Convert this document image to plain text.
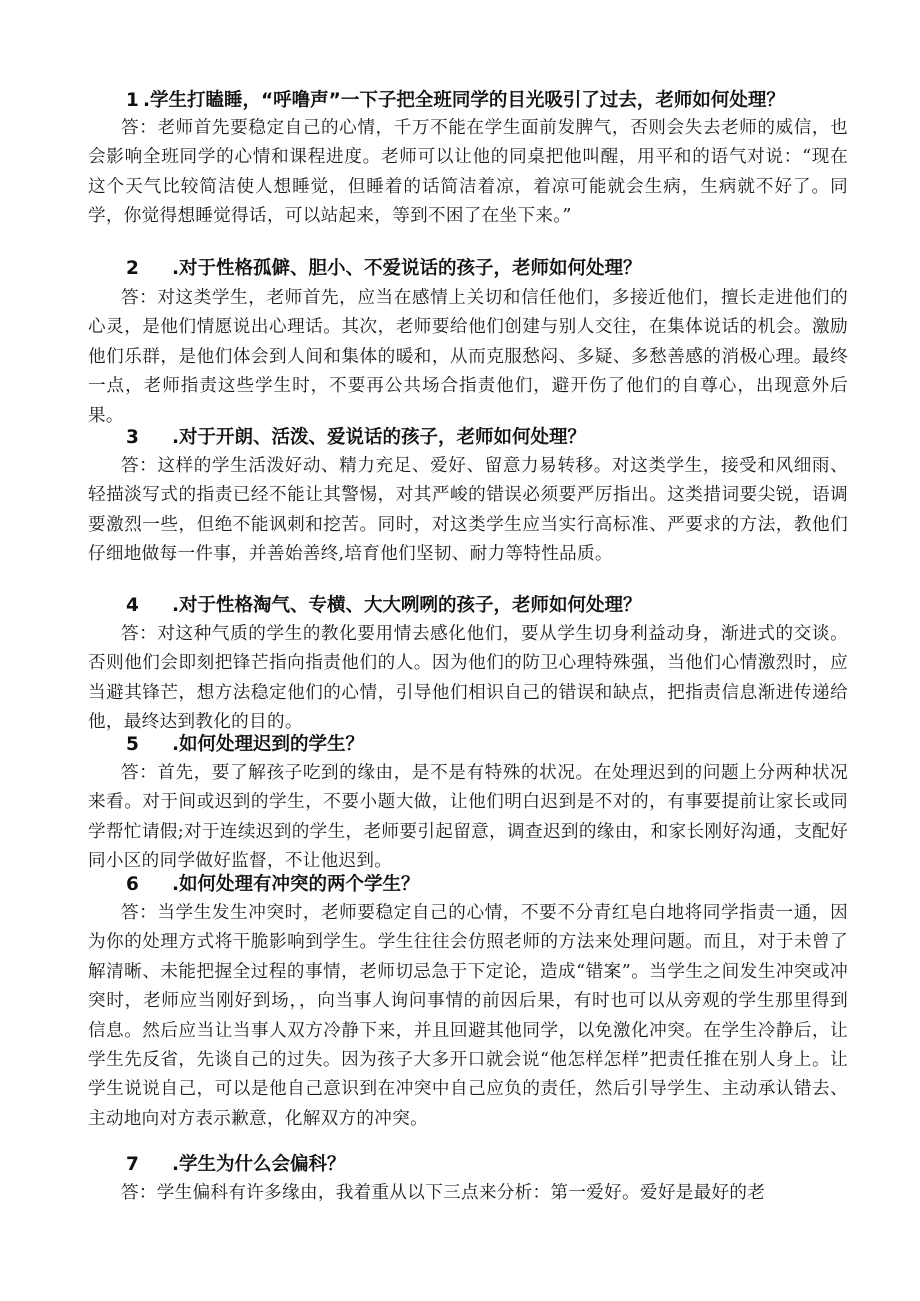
1 .学生打瞌睡，“呼噜声”一下子把全班同学的目光吸引了过去，老师如何处理？

答：老师首先要稳定自己的心情，千万不能在学生面前发脾气，否则会失去老师的威信，也会影响全班同学的心情和课程进度。老师可以让他的同桌把他叫醒，用平和的语气对说：“现在这个天气比较简洁使人想睡觉，但睡着的话简洁着凉，着凉可能就会生病，生病就不好了。同学，你觉得想睡觉得话，可以站起来，等到不困了在坐下来。”

2 .对于性格孤僻、胆小、不爱说话的孩子，老师如何处理？

答：对这类学生，老师首先，应当在感情上关切和信任他们，多接近他们，擅长走进他们的心灵，是他们情愿说出心理话。其次，老师要给他们创建与别人交往，在集体说话的机会。激励他们乐群，是他们体会到人间和集体的暖和，从而克服愁闷、多疑、多愁善感的消极心理。最终一点，老师指责这些学生时，不要再公共场合指责他们，避开伤了他们的自尊心，出现意外后果。

3 .对于开朗、活泼、爱说话的孩子，老师如何处理？

答：这样的学生活泼好动、精力充足、爱好、留意力易转移。对这类学生，接受和风细雨、轻描淡写式的指责已经不能让其警惕，对其严峻的错误必须要严厉指出。这类措词要尖锐，语调要激烈一些，但绝不能讽刺和挖苦。同时，对这类学生应当实行高标准、严要求的方法，教他们仔细地做每一件事，并善始善终,培育他们坚韧、耐力等特性品质。

4 .对于性格淘气、专横、大大咧咧的孩子，老师如何处理？

答：对这种气质的学生的教化要用情去感化他们，要从学生切身利益动身，渐进式的交谈。否则他们会即刻把锋芒指向指责他们的人。因为他们的防卫心理特殊强，当他们心情激烈时，应当避其锋芒，想方法稳定他们的心情，引导他们相识自己的错误和缺点，把指责信息渐进传递给他，最终达到教化的目的。

5 .如何处理迟到的学生？

答：首先，要了解孩子吃到的缘由，是不是有特殊的状况。在处理迟到的问题上分两种状况来看。对于间或迟到的学生，不要小题大做，让他们明白迟到是不对的，有事要提前让家长或同学帮忙请假;对于连续迟到的学生，老师要引起留意，调查迟到的缘由，和家长刚好沟通，支配好同小区的同学做好监督，不让他迟到。

6 .如何处理有冲突的两个学生？

答：当学生发生冲突时，老师要稳定自己的心情，不要不分青红皂白地将同学指责一通，因为你的处理方式将干脆影响到学生。学生往往会仿照老师的方法来处理问题。而且，对于未曾了解清晰、未能把握全过程的事情，老师切忌急于下定论，造成“错案”。当学生之间发生冲突或冲突时，老师应当刚好到场，，向当事人询问事情的前因后果，有时也可以从旁观的学生那里得到信息。然后应当让当事人双方冷静下来，并且回避其他同学，以免激化冲突。在学生冷静后，让学生先反省，先谈自己的过失。因为孩子大多开口就会说“他怎样怎样”把责任推在别人身上。让学生说说自己，可以是他自己意识到在冲突中自己应负的责任，然后引导学生、主动承认错去、主动地向对方表示歉意，化解双方的冲突。

7 .学生为什么会偏科？

答：学生偏科有许多缘由，我着重从以下三点来分析：第一爱好。爱好是最好的老
